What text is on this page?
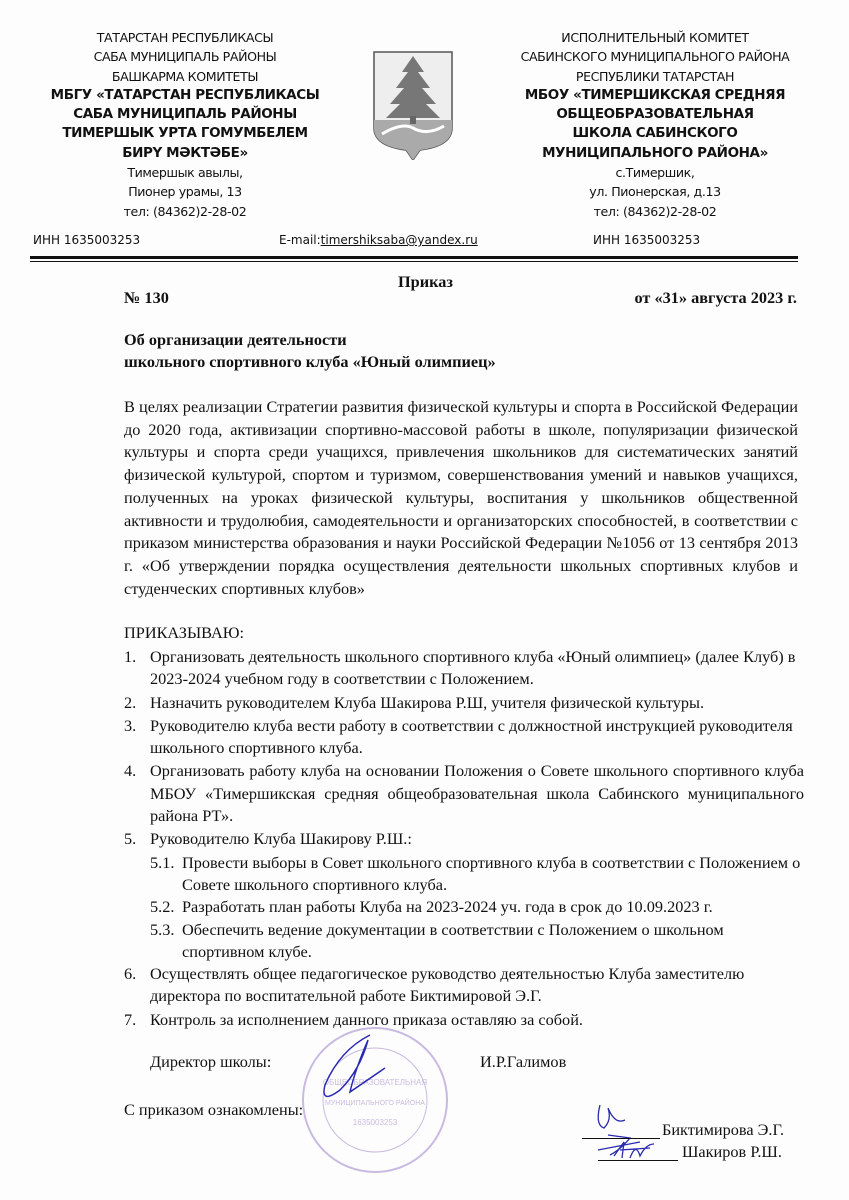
ТАТАРСТАН РЕСПУБЛИКАСЫ
САБА МУНИЦИПАЛЬ РАЙОНЫ
БАШКАРМА КОМИТЕТЫ
МБГУ «ТАТАРСТАН РЕСПУБЛИКАСЫ
САБА МУНИЦИПАЛЬ РАЙОНЫ
ТИМЕРШЫК УРТА ГОМУМБЕЛЕМ
БИРҮ МӘКТӘБЕ»
Тимершык авылы,
Пионер урамы, 13
тел: (84362)2-28-02
ИСПОЛНИТЕЛЬНЫЙ КОМИТЕТ
САБИНСКОГО МУНИЦИПАЛЬНОГО РАЙОНА
РЕСПУБЛИКИ ТАТАРСТАН
МБОУ «ТИМЕРШИКСКАЯ СРЕДНЯЯ
ОБЩЕОБРАЗОВАТЕЛЬНАЯ
ШКОЛА САБИНСКОГО
МУНИЦИПАЛЬНОГО РАЙОНА»
с.Тимершик,
ул. Пионерская, д.13
тел: (84362)2-28-02
ИНН 1635003253	E-mail:timershiksaba@yandex.ru	ИНН 1635003253
Приказ
№ 130	от «31» августа 2023 г.
Об организации деятельности
школьного спортивного клуба «Юный олимпиец»
В целях реализации Стратегии развития физической культуры и спорта в Российской Федерации до 2020 года, активизации спортивно-массовой работы в школе, популяризации физической культуры и спорта среди учащихся, привлечения школьников для систематических занятий физической культурой, спортом и туризмом, совершенствования умений и навыков учащихся, полученных на уроках физической культуры, воспитания у школьников общественной активности и трудолюбия, самодеятельности и организаторских способностей, в соответствии с приказом министерства образования и науки Российской Федерации №1056 от 13 сентября 2013 г. «Об утверждении порядка осуществления деятельности школьных спортивных клубов и студенческих спортивных клубов»
ПРИКАЗЫВАЮ:
1. Организовать деятельность школьного спортивного клуба «Юный олимпиец» (далее Клуб) в 2023-2024 учебном году в соответствии с Положением.
2. Назначить руководителем Клуба Шакирова Р.Ш, учителя физической культуры.
3. Руководителю клуба вести работу в соответствии с должностной инструкцией руководителя школьного спортивного клуба.
4. Организовать работу клуба на основании Положения о Совете школьного спортивного клуба МБОУ «Тимершикская средняя общеобразовательная школа Сабинского муниципального района РТ».
5. Руководителю Клуба Шакирову Р.Ш.:
5.1. Провести выборы в Совет школьного спортивного клуба в соответствии с Положением о Совете школьного спортивного клуба.
5.2. Разработать план работы Клуба на 2023-2024 уч. года в срок до 10.09.2023 г.
5.3. Обеспечить ведение документации в соответствии с Положением о школьном спортивном клубе.
6. Осуществлять общее педагогическое руководство деятельностью Клуба заместителю директора по воспитательной работе Биктимировой Э.Г.
7. Контроль за исполнением данного приказа оставляю за собой.
ОБЩЕОБРАЗОВАТЕЛЬНАЯ
МУНИЦИПАЛЬНОГО РАЙОНА
1635003253
Директор школы:	И.Р.Галимов
С приказом ознакомлены:
Биктимирова Э.Г.
Шакиров Р.Ш.
